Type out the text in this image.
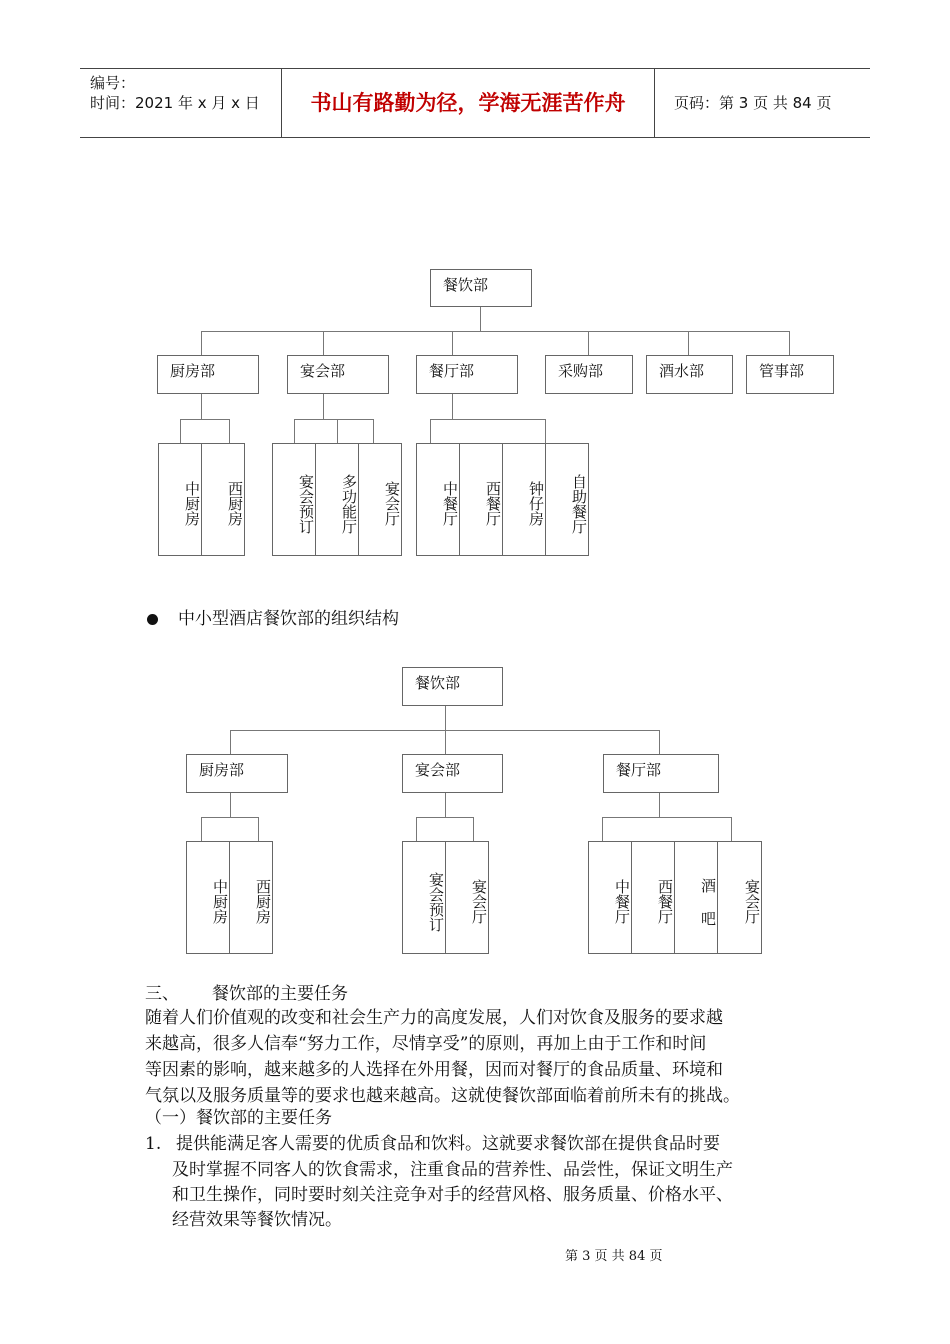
编号：
时间：2021 年 x 月 x 日	书山有路勤为径，学海无涯苦作舟	页码：第 3 页 共 84 页
餐饮部
厨房部	宴会部	餐厅部	采购部	酒水部	管事部
中厨房	西厨房	宴会预订	多功能厅	宴会厅	中餐厅	西餐厅	钟仔房	自助餐厅
中小型酒店餐饮部的组织结构
餐饮部
厨房部	宴会部	餐厅部
中厨房	西厨房	宴会预订	宴会厅	中餐厅	西餐厅	酒 吧	宴会厅
三、 餐饮部的主要任务
随着人们价值观的改变和社会生产力的高度发展，人们对饮食及服务的要求越
来越高，很多人信奉“努力工作，尽情享受”的原则，再加上由于工作和时间
等因素的影响，越来越多的人选择在外用餐，因而对餐厅的食品质量、环境和
气氛以及服务质量等的要求也越来越高。这就使餐饮部面临着前所未有的挑战。
（一）餐饮部的主要任务
1. 提供能满足客人需要的优质食品和饮料。这就要求餐饮部在提供食品时要
及时掌握不同客人的饮食需求，注重食品的营养性、品尝性，保证文明生产
和卫生操作，同时要时刻关注竞争对手的经营风格、服务质量、价格水平、
经营效果等餐饮情况。
第 3 页 共 84 页
